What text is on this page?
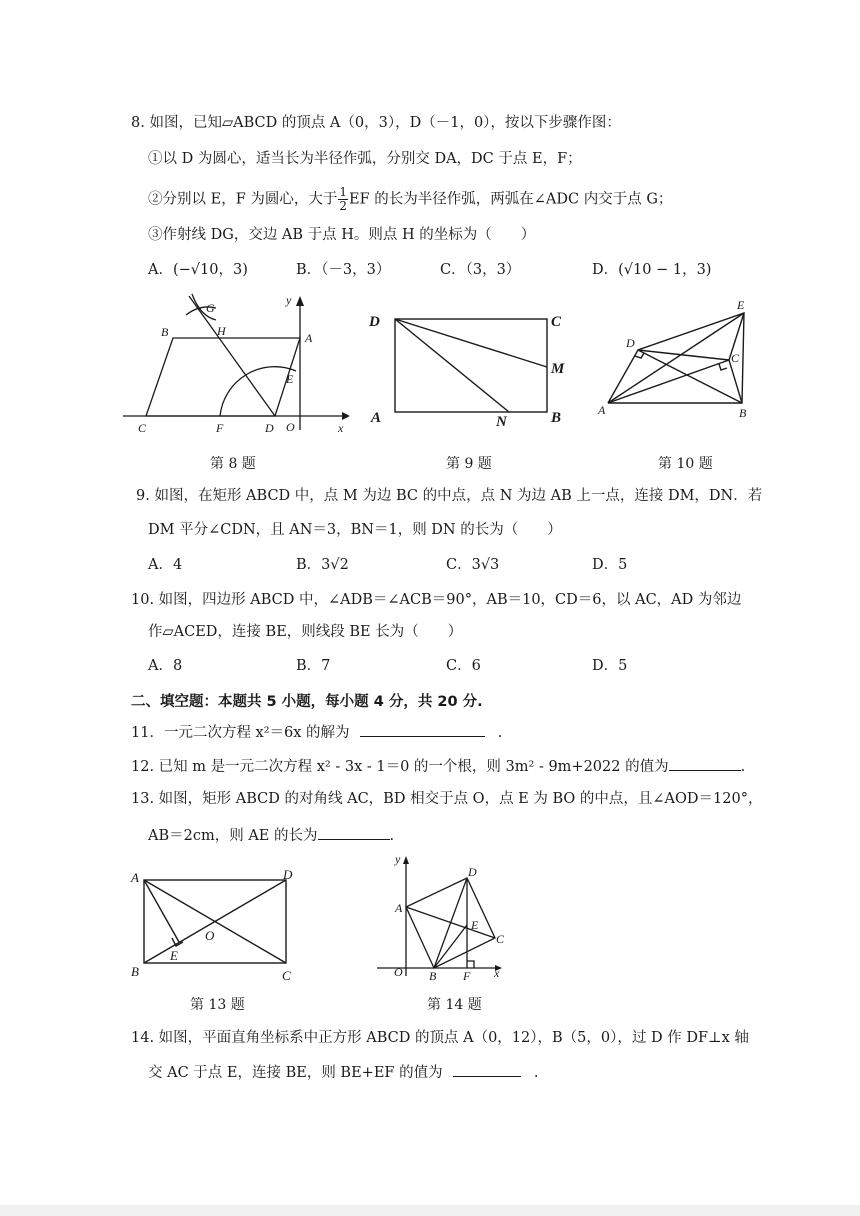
8. 如图，已知▱ABCD 的顶点 A（0，3），D（－1，0），按以下步骤作图：
①以 D 为圆心，适当长为半径作弧，分别交 DA，DC 于点 E，F；
②分别以 E，F 为圆心，大于 $\frac{1}{2}$ EF 的长为半径作弧，两弧在∠ADC 内交于点 G；
③作射线 DG，交边 AB 于点 H。则点 H 的坐标为（　　）
A．(−√10，3)	B．（－3，3）	C．（3，3）	D．(√10 − 1，3)
G
B	H	A
E
y
C	F	D O	x
D	C
M
A	N	B
E
D
C
A	B
第 8 题	第 9 题	第 10 题
9. 如图，在矩形 ABCD 中，点 M 为边 BC 的中点，点 N 为边 AB 上一点，连接 DM，DN．若
DM 平分∠CDN，且 AN＝3，BN＝1，则 DN 的长为（　　）
A．4	B．3√2	C．3√3	D．5
10. 如图，四边形 ABCD 中，∠ADB＝∠ACB＝90°，AB＝10，CD＝6，以 AC，AD 为邻边
作▱ACED，连接 BE，则线段 BE 长为（　　）
A．8	B．7	C．6	D．5
二、填空题：本题共 5 小题，每小题 4 分，共 20 分.
11．一元二次方程 x²＝6x 的解为	.
12. 已知 m 是一元二次方程 x² - 3x - 1＝0 的一个根，则 3m² - 9m+2022 的值为	.
13. 如图，矩形 ABCD 的对角线 AC，BD 相交于点 O，点 E 为 BO 的中点，且∠AOD＝120°，
AB＝2cm，则 AE 的长为	.
A	D
O
B
E
C
y
D
A
E
C
O B F x
第 13 题	第 14 题
14. 如图，平面直角坐标系中正方形 ABCD 的顶点 A（0，12），B（5，0），过 D 作 DF⊥x 轴
交 AC 于点 E，连接 BE，则 BE+EF 的值为	.
